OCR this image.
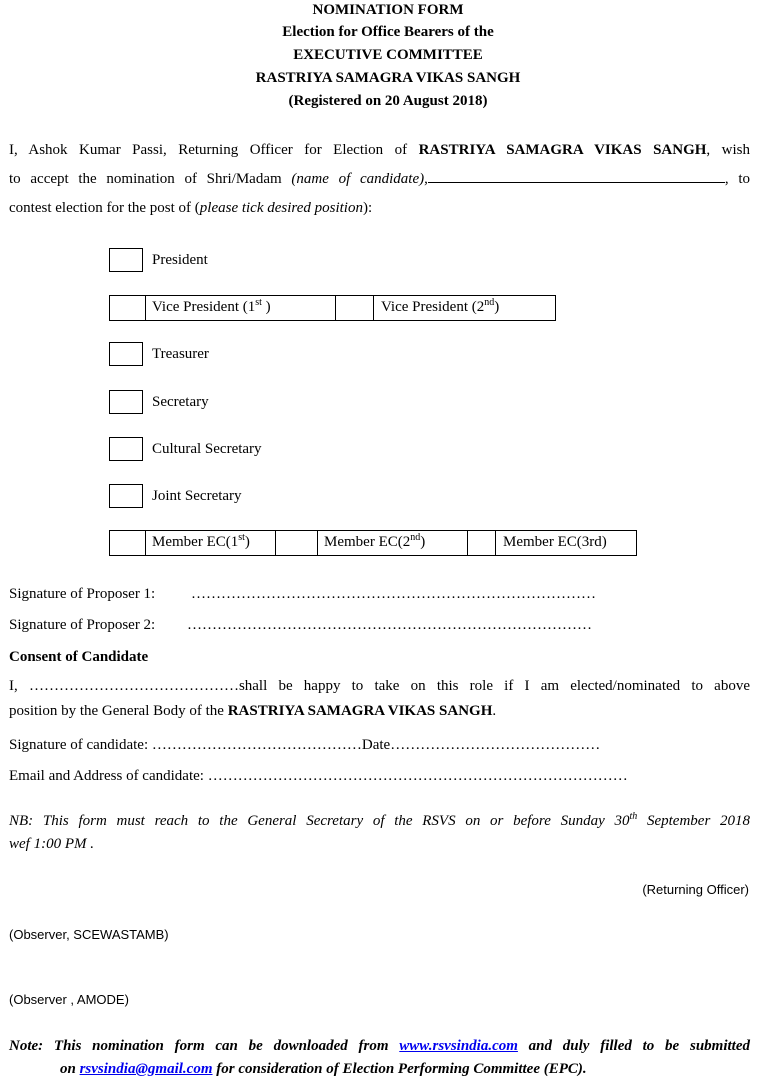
NOMINATION FORM
Election for Office Bearers of the
EXECUTIVE COMMITTEE
RASTRIYA SAMAGRA VIKAS SANGH
(Registered on 20 August 2018)
I, Ashok Kumar Passi, Returning Officer for Election of RASTRIYA SAMAGRA VIKAS SANGH, wish
to accept the nomination of Shri/Madam (name of candidate),	, to
contest election for the post of (please tick desired position):
President
Vice President (1st )	Vice President (2nd)
Treasurer
Secretary
Cultural Secretary
Joint Secretary
Member EC(1st)	Member EC(2nd)	Member EC(3rd)
Signature of Proposer 1: ………………………………………………………………………
Signature of Proposer 2: ………………………………………………………………………
Consent of Candidate
I, ……………………………………shall be happy to take on this role if I am elected/nominated to above
position by the General Body of the RASTRIYA SAMAGRA VIKAS SANGH.
Signature of candidate: ……………………………………Date……………………………………
Email and Address of candidate: …………………………………………………………………………
NB: This form must reach to the General Secretary of the RSVS on or before Sunday 30th September 2018
wef 1:00 PM .
(Returning Officer)
(Observer, SCEWASTAMB)
(Observer , AMODE)
Note: This nomination form can be downloaded from www.rsvsindia.com and duly filled to be submitted
on rsvsindia@gmail.com for consideration of Election Performing Committee (EPC).
